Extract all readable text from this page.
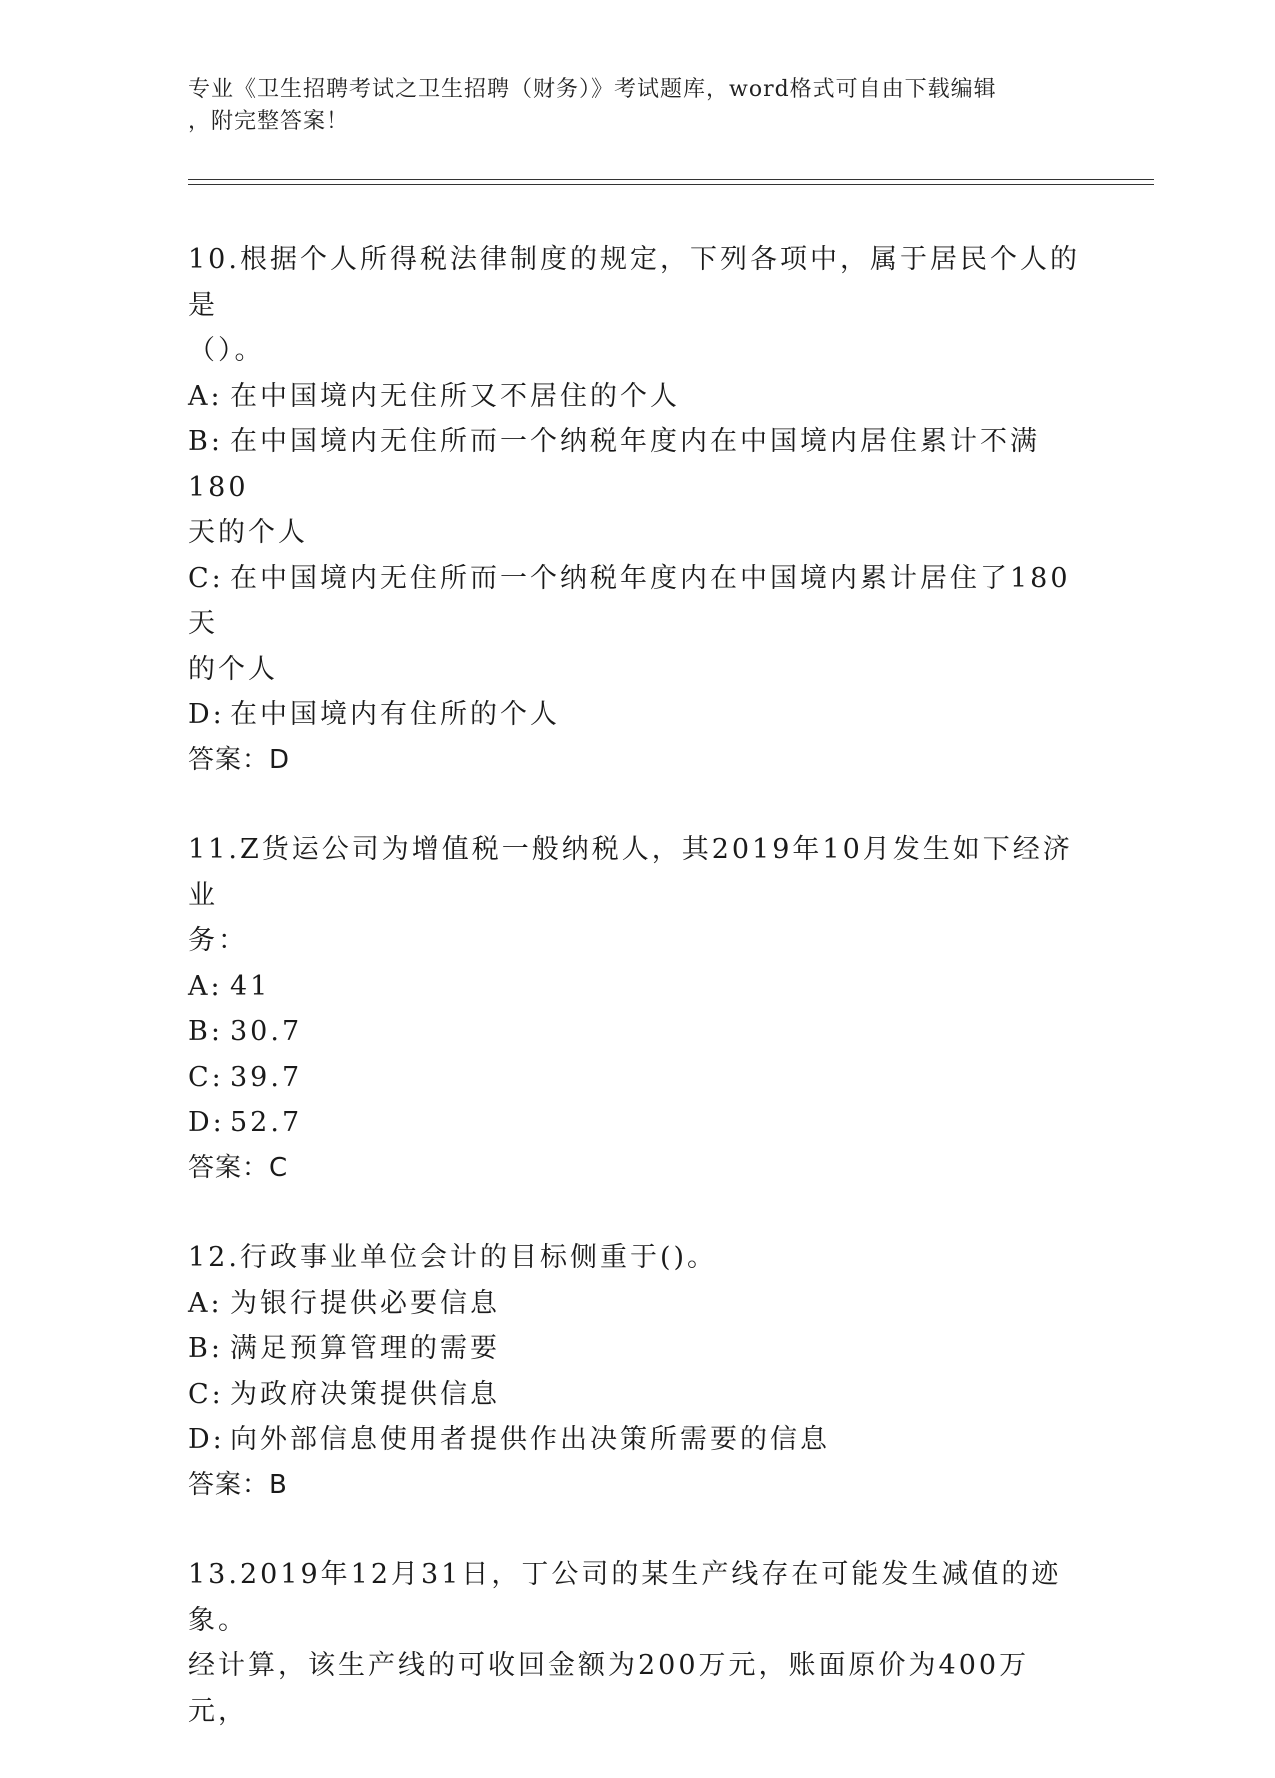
专业《卫生招聘考试之卫生招聘（财务）》考试题库，word格式可自由下载编辑
，附完整答案！
10.根据个人所得税法律制度的规定，下列各项中，属于居民个人的是
（）。
A: 在中国境内无住所又不居住的个人
B: 在中国境内无住所而一个纳税年度内在中国境内居住累计不满180
天的个人
C: 在中国境内无住所而一个纳税年度内在中国境内累计居住了180天
的个人
D: 在中国境内有住所的个人
答案：D
11.Z货运公司为增值税一般纳税人，其2019年10月发生如下经济业
务：
A: 41
B: 30.7
C: 39.7
D: 52.7
答案：C
12.行政事业单位会计的目标侧重于()。
A: 为银行提供必要信息
B: 满足预算管理的需要
C: 为政府决策提供信息
D: 向外部信息使用者提供作出决策所需要的信息
答案：B
13.2019年12月31日，丁公司的某生产线存在可能发生减值的迹象。
经计算，该生产线的可收回金额为200万元，账面原价为400万元，
